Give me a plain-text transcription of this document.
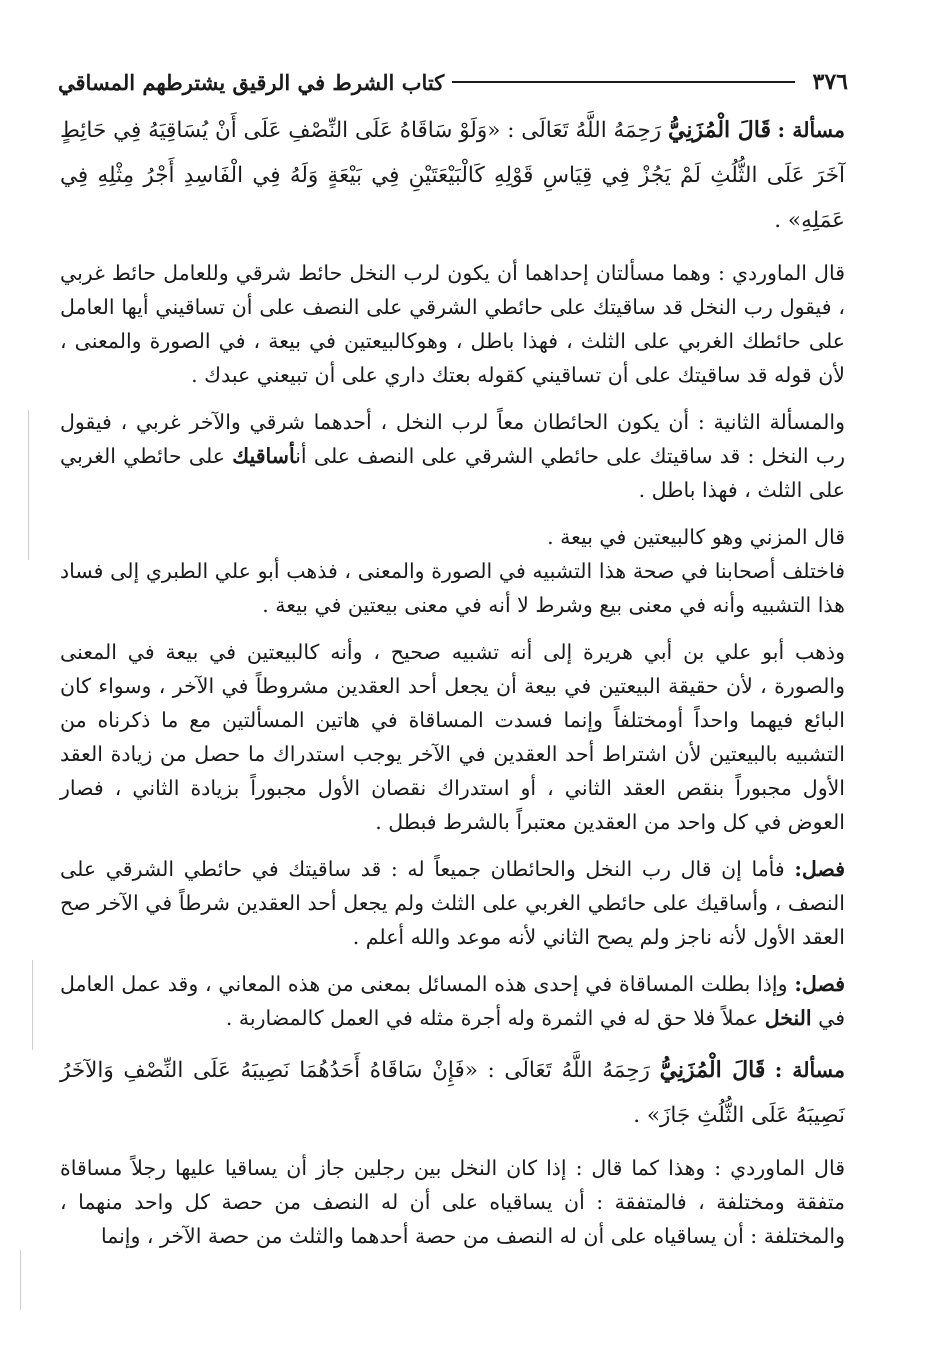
٣٧٦
كتاب الشرط في الرقيق يشترطهم المساقي

مسألة : قَالَ الْمُزَنِيُّ رَحِمَهُ اللَّهُ تَعَالَى : «وَلَوْ سَاقَاهُ عَلَى النِّصْفِ عَلَى أَنْ يُسَاقِيَهُ فِي حَائِطٍ آخَرَ عَلَى الثُّلُثِ لَمْ يَجُزْ فِي قِيَاسِ قَوْلِهِ كَالْبَيْعَتَيْنِ فِي بَيْعَةٍ وَلَهُ فِي الْفَاسِدِ أَجْرُ مِثْلِهِ فِي عَمَلِهِ» .

قال الماوردي : وهما مسألتان إحداهما أن يكون لرب النخل حائط شرقي وللعامل حائط غربي ، فيقول رب النخل قد ساقيتك على حائطي الشرقي على النصف على أن تساقيني أيها العامل على حائطك الغربي على الثلث ، فهذا باطل ، وهوكالبيعتين في بيعة ، في الصورة والمعنى ، لأن قوله قد ساقيتك على أن تساقيني كقوله بعتك داري على أن تبيعني عبدك .

والمسألة الثانية : أن يكون الحائطان معاً لرب النخل ، أحدهما شرقي والآخر غربي ، فيقول رب النخل : قد ساقيتك على حائطي الشرقي على النصف على أنأساقيك على حائطي الغربي على الثلث ، فهذا باطل .

قال المزني وهو كالبيعتين في بيعة .

فاختلف أصحابنا في صحة هذا التشبيه في الصورة والمعنى ، فذهب أبو علي الطبري إلى فساد هذا التشبيه وأنه في معنى بيع وشرط لا أنه في معنى بيعتين في بيعة .

وذهب أبو علي بن أبي هريرة إلى أنه تشبيه صحيح ، وأنه كالبيعتين في بيعة في المعنى والصورة ، لأن حقيقة البيعتين في بيعة أن يجعل أحد العقدين مشروطاً في الآخر ، وسواء كان البائع فيهما واحداً أومختلفاً وإنما فسدت المساقاة في هاتين المسألتين مع ما ذكرناه من التشبيه بالبيعتين لأن اشتراط أحد العقدين في الآخر يوجب استدراك ما حصل من زيادة العقد الأول مجبوراً بنقص العقد الثاني ، أو استدراك نقصان الأول مجبوراً بزيادة الثاني ، فصار العوض في كل واحد من العقدين معتبراً بالشرط فبطل .

فصل: فأما إن قال رب النخل والحائطان جميعاً له : قد ساقيتك في حائطي الشرقي على النصف ، وأساقيك على حائطي الغربي على الثلث ولم يجعل أحد العقدين شرطاً في الآخر صح العقد الأول لأنه ناجز ولم يصح الثاني لأنه موعد والله أعلم .

فصل: وإذا بطلت المساقاة في إحدى هذه المسائل بمعنى من هذه المعاني ، وقد عمل العامل في النخل عملاً فلا حق له في الثمرة وله أجرة مثله في العمل كالمضاربة .

مسألة : قَالَ الْمُزَنِيُّ رَحِمَهُ اللَّهُ تَعَالَى : «فَإِنْ سَاقَاهُ أَحَدُهُمَا نَصِيبَهُ عَلَى النِّصْفِ وَالآخَرُ نَصِيبَهُ عَلَى الثُّلُثِ جَازَ» .

قال الماوردي : وهذا كما قال : إذا كان النخل بين رجلين جاز أن يساقيا عليها رجلاً مساقاة متفقة ومختلفة ، فالمتفقة : أن يساقياه على أن له النصف من حصة كل واحد منهما ، والمختلفة : أن يساقياه على أن له النصف من حصة أحدهما والثلث من حصة الآخر ، وإنما
